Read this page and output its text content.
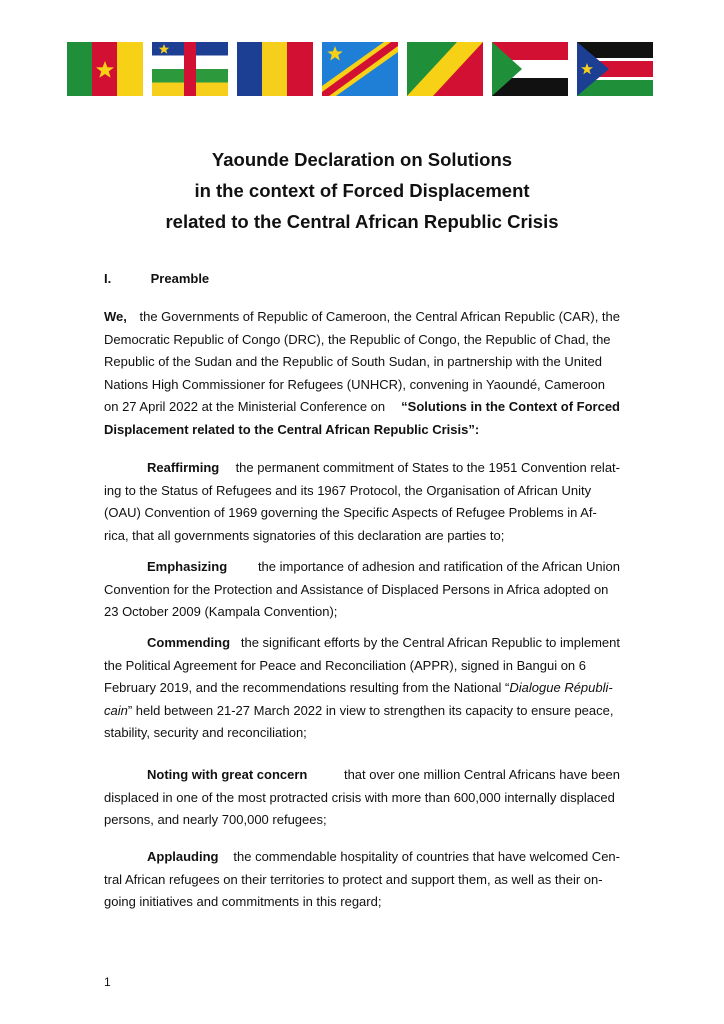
Yaounde Declaration on Solutions
in the context of Forced Displacement
related to the Central African Republic Crisis
I.	Preamble
We, the Governments of Republic of Cameroon, the Central African Republic (CAR), the
Democratic Republic of Congo (DRC), the Republic of Congo, the Republic of Chad, the
Republic of the Sudan and the Republic of South Sudan, in partnership with the United
Nations High Commissioner for Refugees (UNHCR), convening in Yaoundé, Cameroon
on 27 April 2022 at the Ministerial Conference on “Solutions in the Context of Forced
Displacement related to the Central African Republic Crisis”:
Reaffirming the permanent commitment of States to the 1951 Convention relat-
ing to the Status of Refugees and its 1967 Protocol, the Organisation of African Unity
(OAU) Convention of 1969 governing the Specific Aspects of Refugee Problems in Af-
rica, that all governments signatories of this declaration are parties to;
Emphasizing the importance of adhesion and ratification of the African Union
Convention for the Protection and Assistance of Displaced Persons in Africa adopted on
23 October 2009 (Kampala Convention);
Commending the significant efforts by the Central African Republic to implement
the Political Agreement for Peace and Reconciliation (APPR), signed in Bangui on 6
February 2019, and the recommendations resulting from the National “Dialogue Républi-
cain” held between 21-27 March 2022 in view to strengthen its capacity to ensure peace,
stability, security and reconciliation;
Noting with great concern	that over one million Central Africans have been
displaced in one of the most protracted crisis with more than 600,000 internally displaced
persons, and nearly 700,000 refugees;
Applauding the commendable hospitality of countries that have welcomed Cen-
tral African refugees on their territories to protect and support them, as well as their on-
going initiatives and commitments in this regard;
1
